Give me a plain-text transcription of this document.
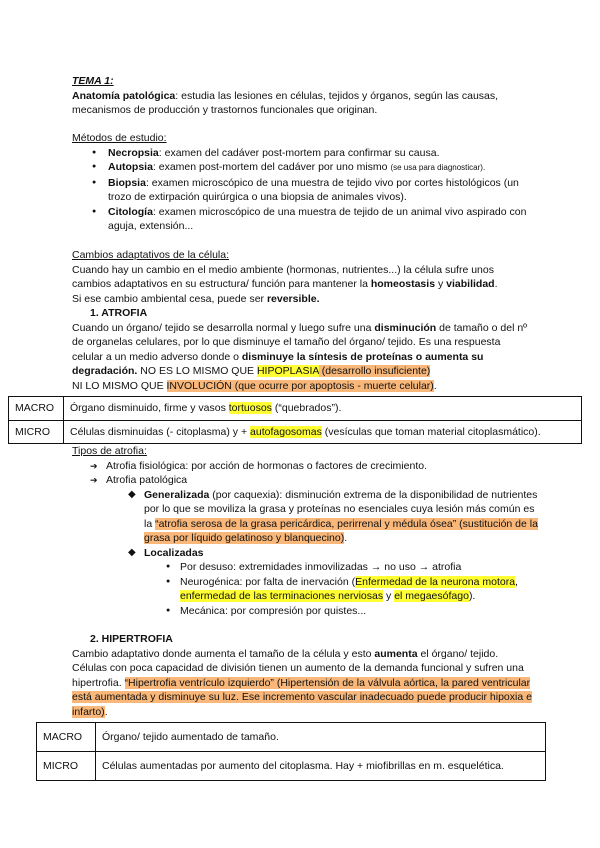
TEMA 1:

Anatomía patológica: estudia las lesiones en células, tejidos y órganos, según las causas, mecanismos de producción y trastornos funcionales que originan.

Métodos de estudio:

● Necropsia: examen del cadáver post-mortem para confirmar su causa.
● Autopsia: examen post-mortem del cadáver por uno mismo (se usa para diagnosticar).
● Biopsia: examen microscópico de una muestra de tejido vivo por cortes histológicos (un trozo de extirpación quirúrgica o una biopsia de animales vivos).
● Citología: examen microscópico de una muestra de tejido de un animal vivo aspirado con aguja, extensión...

Cambios adaptativos de la célula:

Cuando hay un cambio en el medio ambiente (hormonas, nutrientes...) la célula sufre unos cambios adaptativos en su estructura/ función para mantener la homeostasis y viabilidad.

Si ese cambio ambiental cesa, puede ser reversible.

1. ATROFIA

Cuando un órgano/ tejido se desarrolla normal y luego sufre una disminución de tamaño o del nº de organelas celulares, por lo que disminuye el tamaño del órgano/ tejido. Es una respuesta celular a un medio adverso donde o disminuye la síntesis de proteínas o aumenta su degradación. NO ES LO MISMO QUE HIPOPLASIA (desarrollo insuficiente)
NI LO MISMO QUE INVOLUCIÓN (que ocurre por apoptosis - muerte celular).

MACRO	Órgano disminuido, firme y vasos tortuosos (“quebrados”).
MICRO	Células disminuidas (- citoplasma) y + autofagosomas (vesículas que toman material citoplasmático).

Tipos de atrofia:

➔ Atrofia fisiológica: por acción de hormonas o factores de crecimiento.

➔ Atrofia patológica

◆ Generalizada (por caquexia): disminución extrema de la disponibilidad de nutrientes por lo que se moviliza la grasa y proteínas no esenciales cuya lesión más común es la “atrofia serosa de la grasa pericárdica, perirrenal y médula ósea” (sustitución de la grasa por líquido gelatinoso y blanquecino).

◆ Localizadas

● Por desuso: extremidades inmovilizadas → no uso → atrofia

● Neurogénica: por falta de inervación (Enfermedad de la neurona motora, enfermedad de las terminaciones nerviosas y el megaesófago).

● Mecánica: por compresión por quistes...

2. HIPERTROFIA

Cambio adaptativo donde aumenta el tamaño de la célula y esto aumenta el órgano/ tejido. Células con poca capacidad de división tienen un aumento de la demanda funcional y sufren una hipertrofia. “Hipertrofia ventrículo izquierdo” (Hipertensión de la válvula aórtica, la pared ventricular está aumentada y disminuye su luz. Ese incremento vascular inadecuado puede producir hipoxia e infarto).

MACRO	Órgano/ tejido aumentado de tamaño.
MICRO	Células aumentadas por aumento del citoplasma. Hay + miofibrillas en m. esquelética.
